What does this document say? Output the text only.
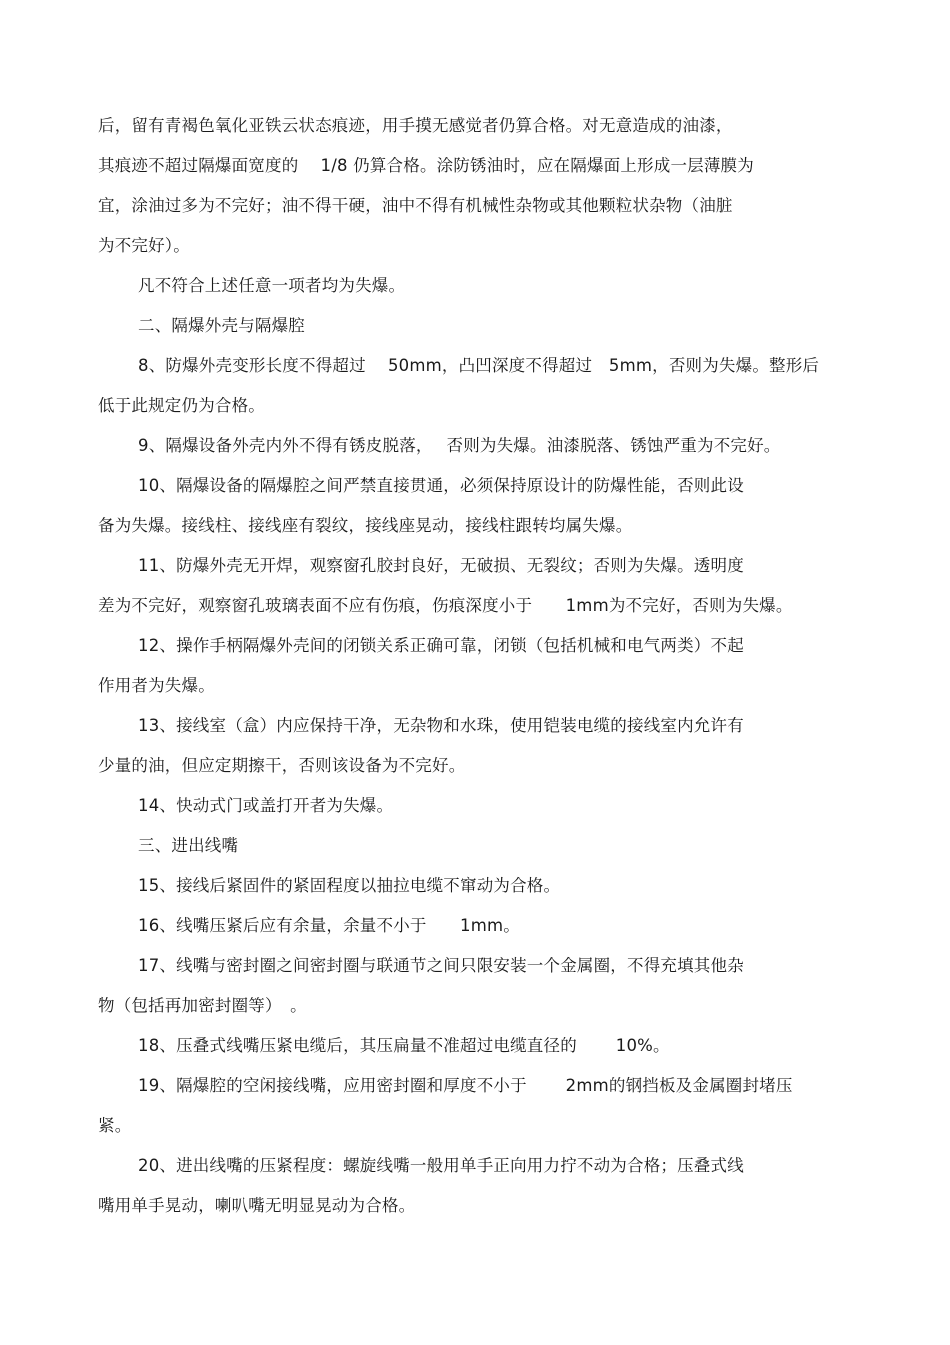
后，留有青褐色氧化亚铁云状态痕迹，用手摸无感觉者仍算合格。对无意造成的油漆，
其痕迹不超过隔爆面宽度的　 1/8 仍算合格。涂防锈油时，应在隔爆面上形成一层薄膜为
宜，涂油过多为不完好；油不得干硬，油中不得有机械性杂物或其他颗粒状杂物（油脏
为不完好）。
凡不符合上述任意一项者均为失爆。
二、隔爆外壳与隔爆腔
8、防爆外壳变形长度不得超过　 50mm，凸凹深度不得超过　5mm，否则为失爆。整形后
低于此规定仍为合格。
9、隔爆设备外壳内外不得有锈皮脱落，　 否则为失爆。油漆脱落、锈蚀严重为不完好。
10、隔爆设备的隔爆腔之间严禁直接贯通，必须保持原设计的防爆性能，否则此设
备为失爆。接线柱、接线座有裂纹，接线座晃动，接线柱跟转均属失爆。
11、防爆外壳无开焊，观察窗孔胶封良好，无破损、无裂纹；否则为失爆。透明度
差为不完好，观察窗孔玻璃表面不应有伤痕，伤痕深度小于　　1mm为不完好，否则为失爆。
12、操作手柄隔爆外壳间的闭锁关系正确可靠，闭锁（包括机械和电气两类）不起
作用者为失爆。
13、接线室（盒）内应保持干净，无杂物和水珠，使用铠装电缆的接线室内允许有
少量的油，但应定期擦干，否则该设备为不完好。
14、快动式门或盖打开者为失爆。
三、进出线嘴
15、接线后紧固件的紧固程度以抽拉电缆不窜动为合格。
16、线嘴压紧后应有余量，余量不小于　　1mm。
17、线嘴与密封圈之间密封圈与联通节之间只限安装一个金属圈，不得充填其他杂
物（包括再加密封圈等）　。
18、压叠式线嘴压紧电缆后，其压扁量不准超过电缆直径的　　 10%。
19、隔爆腔的空闲接线嘴，应用密封圈和厚度不小于　　 2mm的钢挡板及金属圈封堵压
紧。
20、进出线嘴的压紧程度：螺旋线嘴一般用单手正向用力拧不动为合格；压叠式线
嘴用单手晃动，喇叭嘴无明显晃动为合格。
